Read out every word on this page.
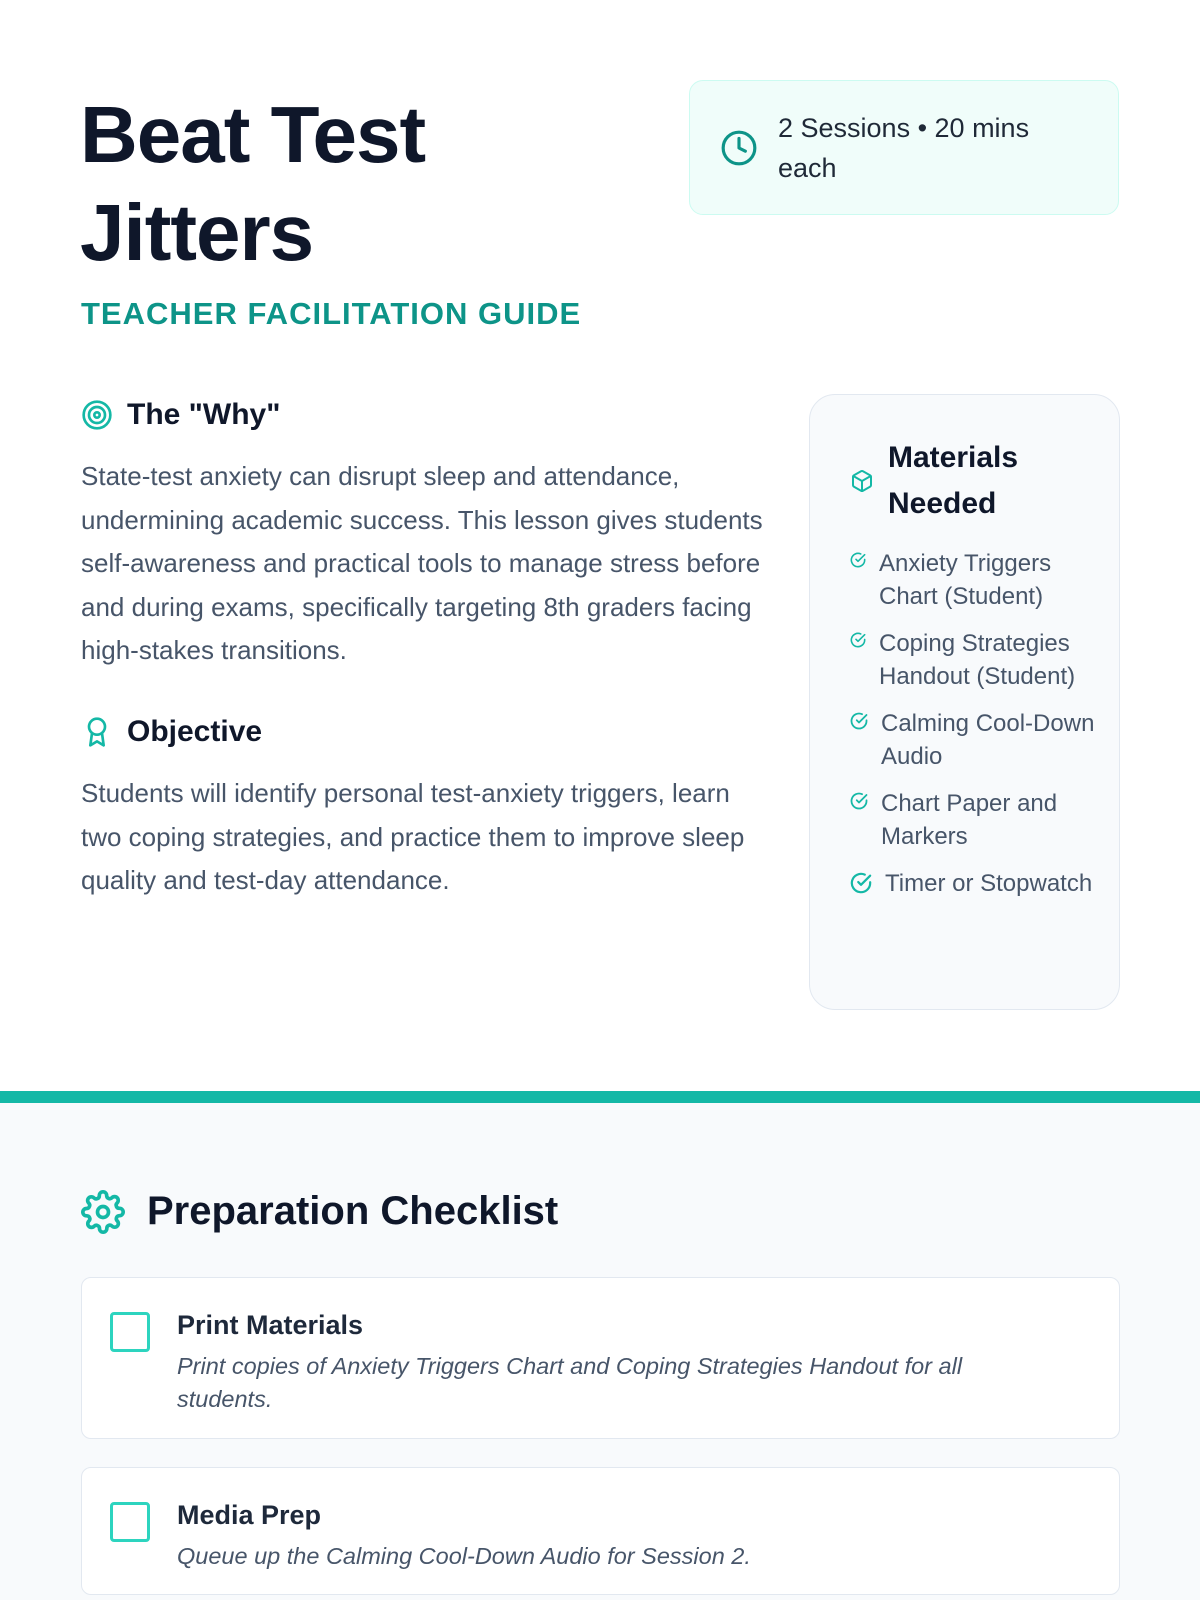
Beat Test Jitters
TEACHER FACILITATION GUIDE
2 Sessions • 20 mins each
The "Why"

State-test anxiety can disrupt sleep and attendance, undermining academic success. This lesson gives students self-awareness and practical tools to manage stress before and during exams, specifically targeting 8th graders facing high-stakes transitions.

Objective

Students will identify personal test-anxiety triggers, learn two coping strategies, and practice them to improve sleep quality and test-day attendance.

Materials Needed
Anxiety Triggers Chart (Student)
Coping Strategies Handout (Student)
Calming Cool-Down Audio
Chart Paper and Markers
Timer or Stopwatch
Preparation Checklist
Print Materials
Print copies of Anxiety Triggers Chart and Coping Strategies Handout for all students.
Media Prep
Queue up the Calming Cool-Down Audio for Session 2.
